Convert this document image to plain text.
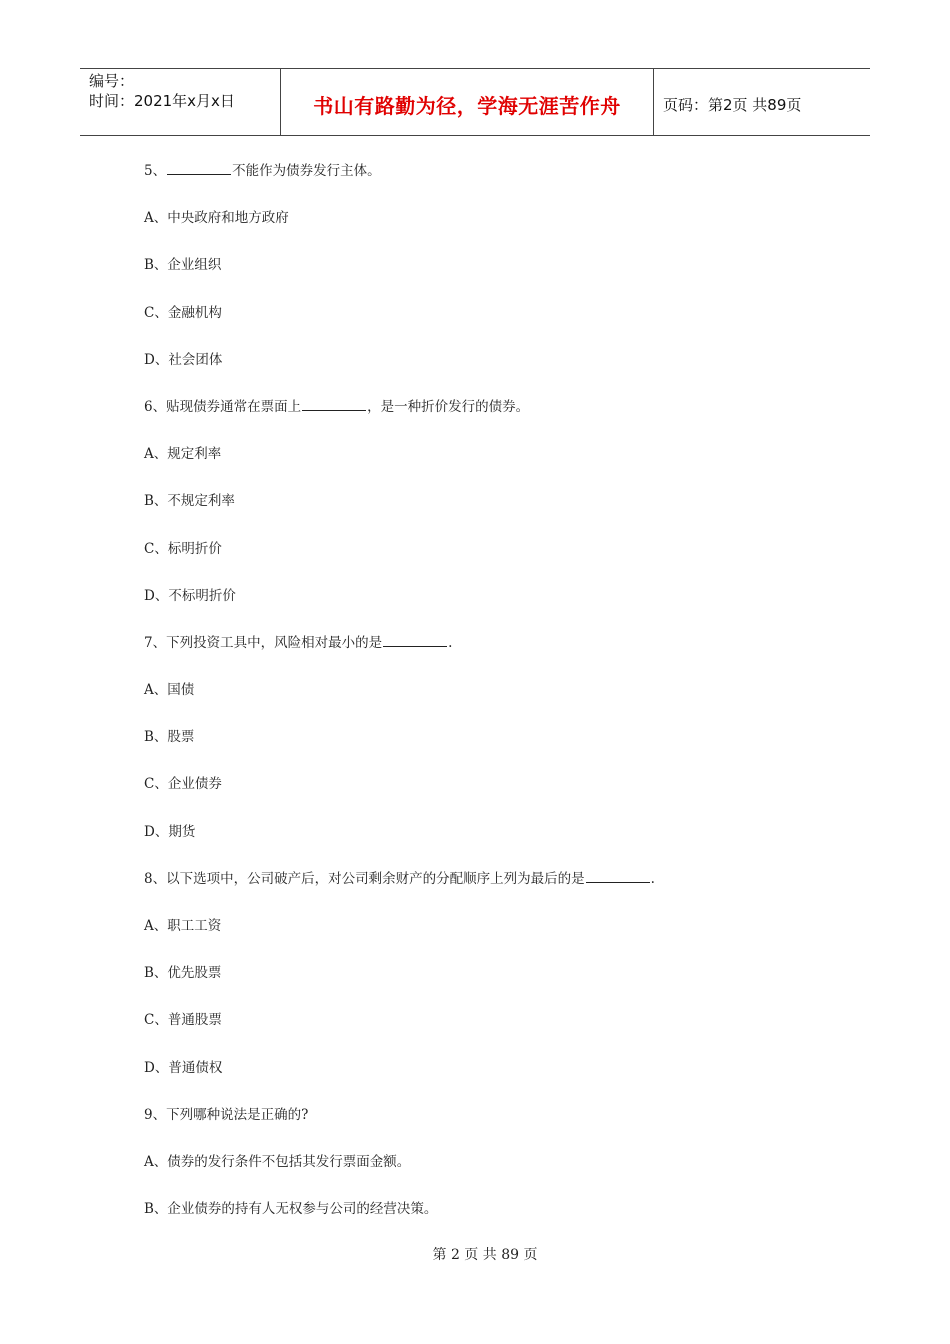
编号：
时间：2021年x月x日	书山有路勤为径，学海无涯苦作舟	页码：第2页 共89页
5、	不能作为债券发行主体。
A、中央政府和地方政府
B、企业组织
C、金融机构
D、社会团体
6、贴现债券通常在票面上	，是一种折价发行的债券。
A、规定利率
B、不规定利率
C、标明折价
D、不标明折价
7、下列投资工具中，风险相对最小的是	.
A、国债
B、股票
C、企业债券
D、期货
8、以下选项中，公司破产后，对公司剩余财产的分配顺序上列为最后的是	.
A、职工工资
B、优先股票
C、普通股票
D、普通债权
9、下列哪种说法是正确的?
A、债券的发行条件不包括其发行票面金额。
B、企业债券的持有人无权参与公司的经营决策。
第 2 页 共 89 页
